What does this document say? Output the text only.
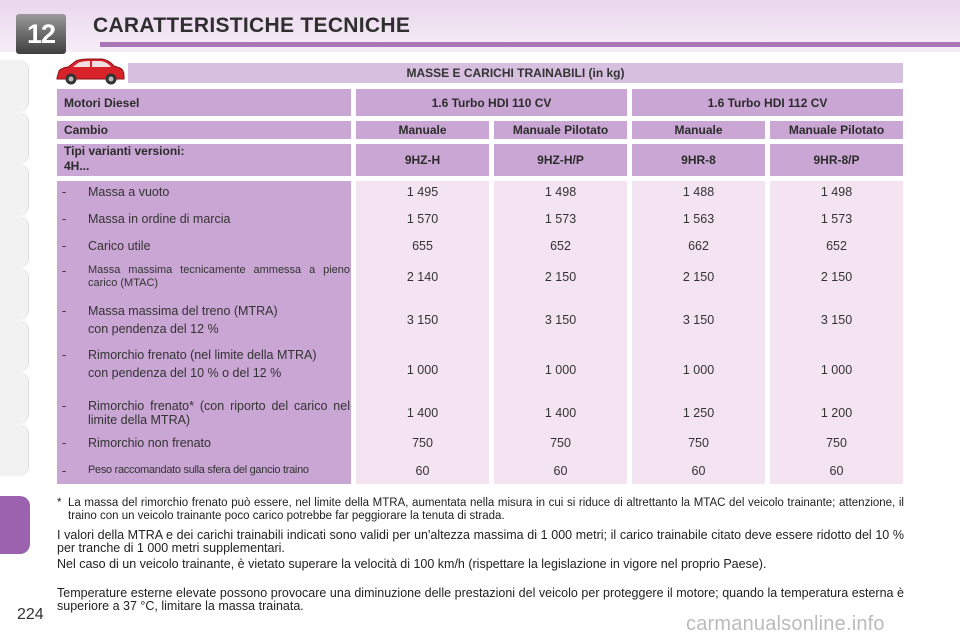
12	CARATTERISTICHE TECNICHE
MASSE E CARICHI TRAINABILI (in kg)
Motori Diesel	1.6 Turbo HDI 110 CV	1.6 Turbo HDI 112 CV
Cambio	Manuale	Manuale Pilotato	Manuale	Manuale Pilotato
Tipi varianti versioni:
4H...	9HZ-H	9HZ-H/P	9HR-8	9HR-8/P
- Massa a vuoto	1 495	1 498	1 488	1 498
- Massa in ordine di marcia	1 570	1 573	1 563	1 573
- Carico utile	655	652	662	652
- Massa massima tecnicamente ammessa a pieno carico (MTAC)	2 140	2 150	2 150	2 150
- Massa massima del treno (MTRA)
con pendenza del 12 %
3 150	3 150	3 150	3 150
- Rimorchio frenato (nel limite della MTRA)
con pendenza del 10 % o del 12 %	1 000	1 000	1 000	1 000
- Rimorchio frenato* (con riporto del carico nel limite della MTRA)	1 400	1 400	1 250	1 200
- Rimorchio non frenato	750	750	750	750
- Peso raccomandato sulla sfera del gancio traino	60	60	60	60
* La massa del rimorchio frenato può essere, nel limite della MTRA, aumentata nella misura in cui si riduce di altrettanto la MTAC del veicolo trainante; attenzione, il traino con un veicolo trainante poco carico potrebbe far peggiorare la tenuta di strada.
I valori della MTRA e dei carichi trainabili indicati sono validi per un'altezza massima di 1 000 metri; il carico trainabile citato deve essere ridotto del 10 % per tranche di 1 000 metri supplementari.
Nel caso di un veicolo trainante, è vietato superare la velocità di 100 km/h (rispettare la legislazione in vigore nel proprio Paese).
Temperature esterne elevate possono provocare una diminuzione delle prestazioni del veicolo per proteggere il motore; quando la temperatura esterna è superiore a 37 °C, limitare la massa trainata.
224	carmanualsonline.info
